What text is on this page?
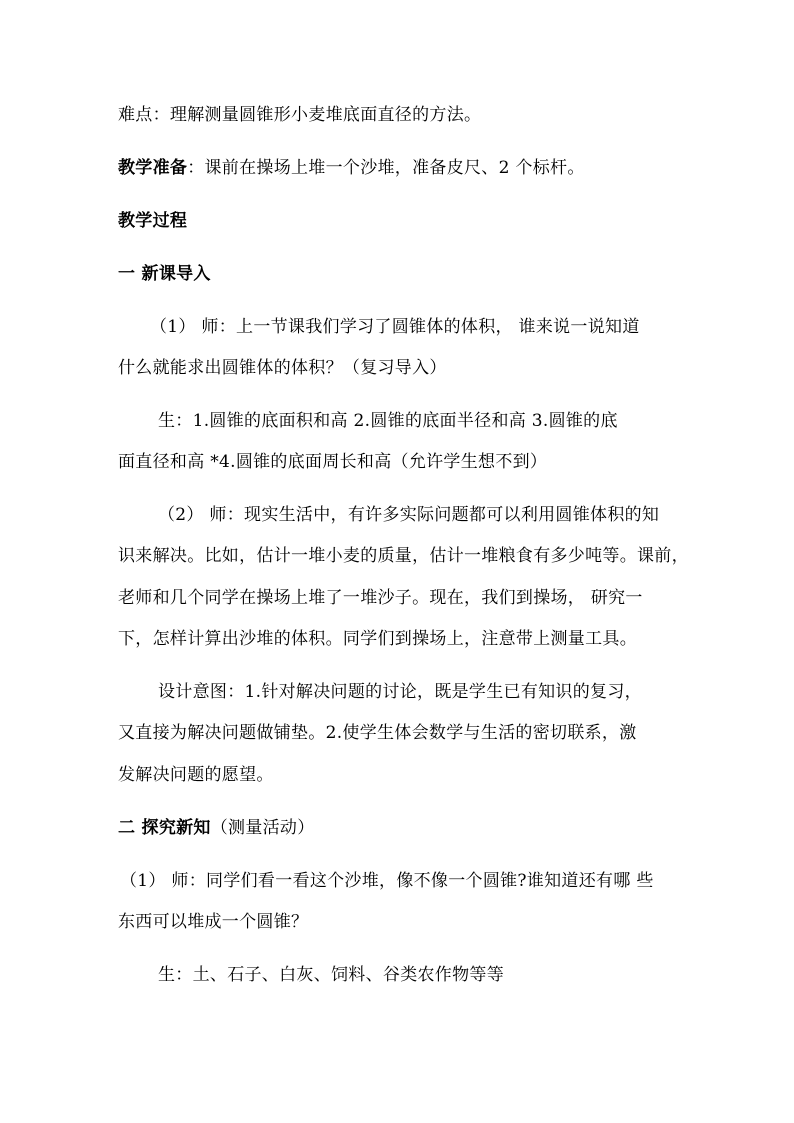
难点：理解测量圆锥形小麦堆底面直径的方法。
教学准备：课前在操场上堆一个沙堆，准备皮尺、2 个标杆。
教学过程
一 新课导入
（1） 师：上一节课我们学习了圆锥体的体积， 谁来说一说知道
什么就能求出圆锥体的体积？（复习导入）
生：1.圆锥的底面积和高 2.圆锥的底面半径和高 3.圆锥的底
面直径和高 *4.圆锥的底面周长和高（允许学生想不到）
（2） 师：现实生活中，有许多实际问题都可以利用圆锥体积的知
识来解决。比如，估计一堆小麦的质量，估计一堆粮食有多少吨等。课前，
老师和几个同学在操场上堆了一堆沙子。现在，我们到操场， 研究一
下，怎样计算出沙堆的体积。同学们到操场上，注意带上测量工具。
设计意图：1.针对解决问题的讨论，既是学生已有知识的复习，
又直接为解决问题做铺垫。2.使学生体会数学与生活的密切联系，激
发解决问题的愿望。
二 探究新知（测量活动）
（1） 师：同学们看一看这个沙堆，像不像一个圆锥?谁知道还有哪 些
东西可以堆成一个圆锥？
生：土、石子、白灰、饲料、谷类农作物等等
